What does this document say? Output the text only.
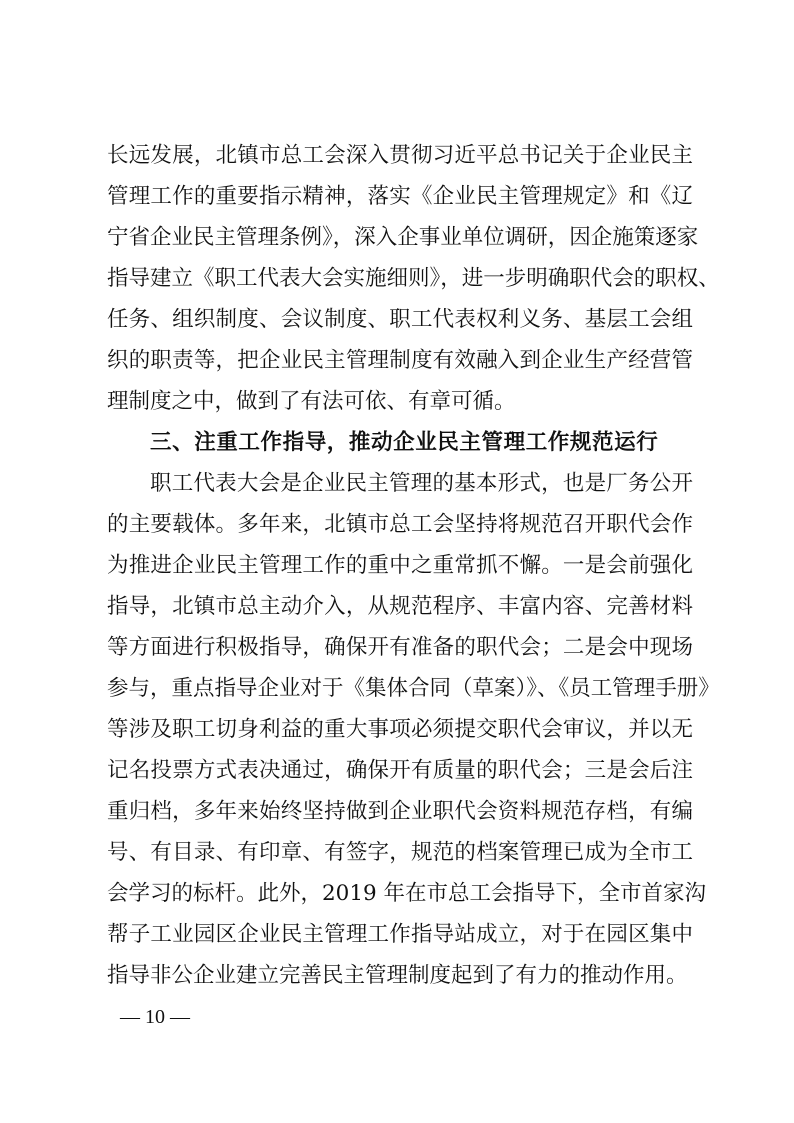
长远发展，北镇市总工会深入贯彻习近平总书记关于企业民主
管理工作的重要指示精神，落实《企业民主管理规定》和《辽
宁省企业民主管理条例》，深入企事业单位调研，因企施策逐家
指导建立《职工代表大会实施细则》，进一步明确职代会的职权、
任务、组织制度、会议制度、职工代表权利义务、基层工会组
织的职责等，把企业民主管理制度有效融入到企业生产经营管
理制度之中，做到了有法可依、有章可循。
三、注重工作指导，推动企业民主管理工作规范运行
职工代表大会是企业民主管理的基本形式，也是厂务公开
的主要载体。多年来，北镇市总工会坚持将规范召开职代会作
为推进企业民主管理工作的重中之重常抓不懈。一是会前强化
指导，北镇市总主动介入，从规范程序、丰富内容、完善材料
等方面进行积极指导，确保开有准备的职代会；二是会中现场
参与，重点指导企业对于《集体合同（草案）》、《员工管理手册》
等涉及职工切身利益的重大事项必须提交职代会审议，并以无
记名投票方式表决通过，确保开有质量的职代会；三是会后注
重归档，多年来始终坚持做到企业职代会资料规范存档，有编
号、有目录、有印章、有签字，规范的档案管理已成为全市工
会学习的标杆。此外，2019 年在市总工会指导下，全市首家沟
帮子工业园区企业民主管理工作指导站成立，对于在园区集中
指导非公企业建立完善民主管理制度起到了有力的推动作用。
— 10 —
